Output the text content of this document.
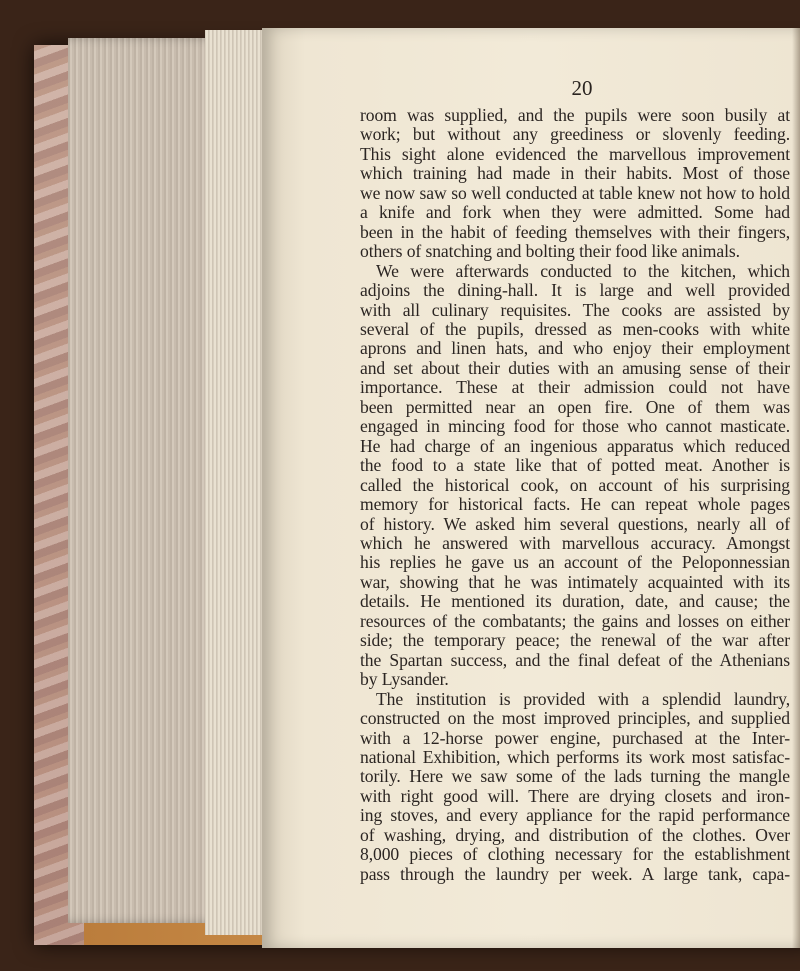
20
room was supplied, and the pupils were soon busily at
work; but without any greediness or slovenly feeding.
This sight alone evidenced the marvellous improvement
which training had made in their habits. Most of those
we now saw so well conducted at table knew not how to hold
a knife and fork when they were admitted. Some had
been in the habit of feeding themselves with their fingers,
others of snatching and bolting their food like animals.
We were afterwards conducted to the kitchen, which
adjoins the dining-hall. It is large and well provided
with all culinary requisites. The cooks are assisted by
several of the pupils, dressed as men-cooks with white
aprons and linen hats, and who enjoy their employment
and set about their duties with an amusing sense of their
importance. These at their admission could not have
been permitted near an open fire. One of them was
engaged in mincing food for those who cannot masticate.
He had charge of an ingenious apparatus which reduced
the food to a state like that of potted meat. Another is
called the historical cook, on account of his surprising
memory for historical facts. He can repeat whole pages
of history. We asked him several questions, nearly all of
which he answered with marvellous accuracy. Amongst
his replies he gave us an account of the Peloponnessian
war, showing that he was intimately acquainted with its
details. He mentioned its duration, date, and cause; the
resources of the combatants; the gains and losses on either
side; the temporary peace; the renewal of the war after
the Spartan success, and the final defeat of the Athenians
by Lysander.
The institution is provided with a splendid laundry,
constructed on the most improved principles, and supplied
with a 12-horse power engine, purchased at the Inter-
national Exhibition, which performs its work most satisfac-
torily. Here we saw some of the lads turning the mangle
with right good will. There are drying closets and iron-
ing stoves, and every appliance for the rapid performance
of washing, drying, and distribution of the clothes. Over
8,000 pieces of clothing necessary for the establishment
pass through the laundry per week. A large tank, capa-
